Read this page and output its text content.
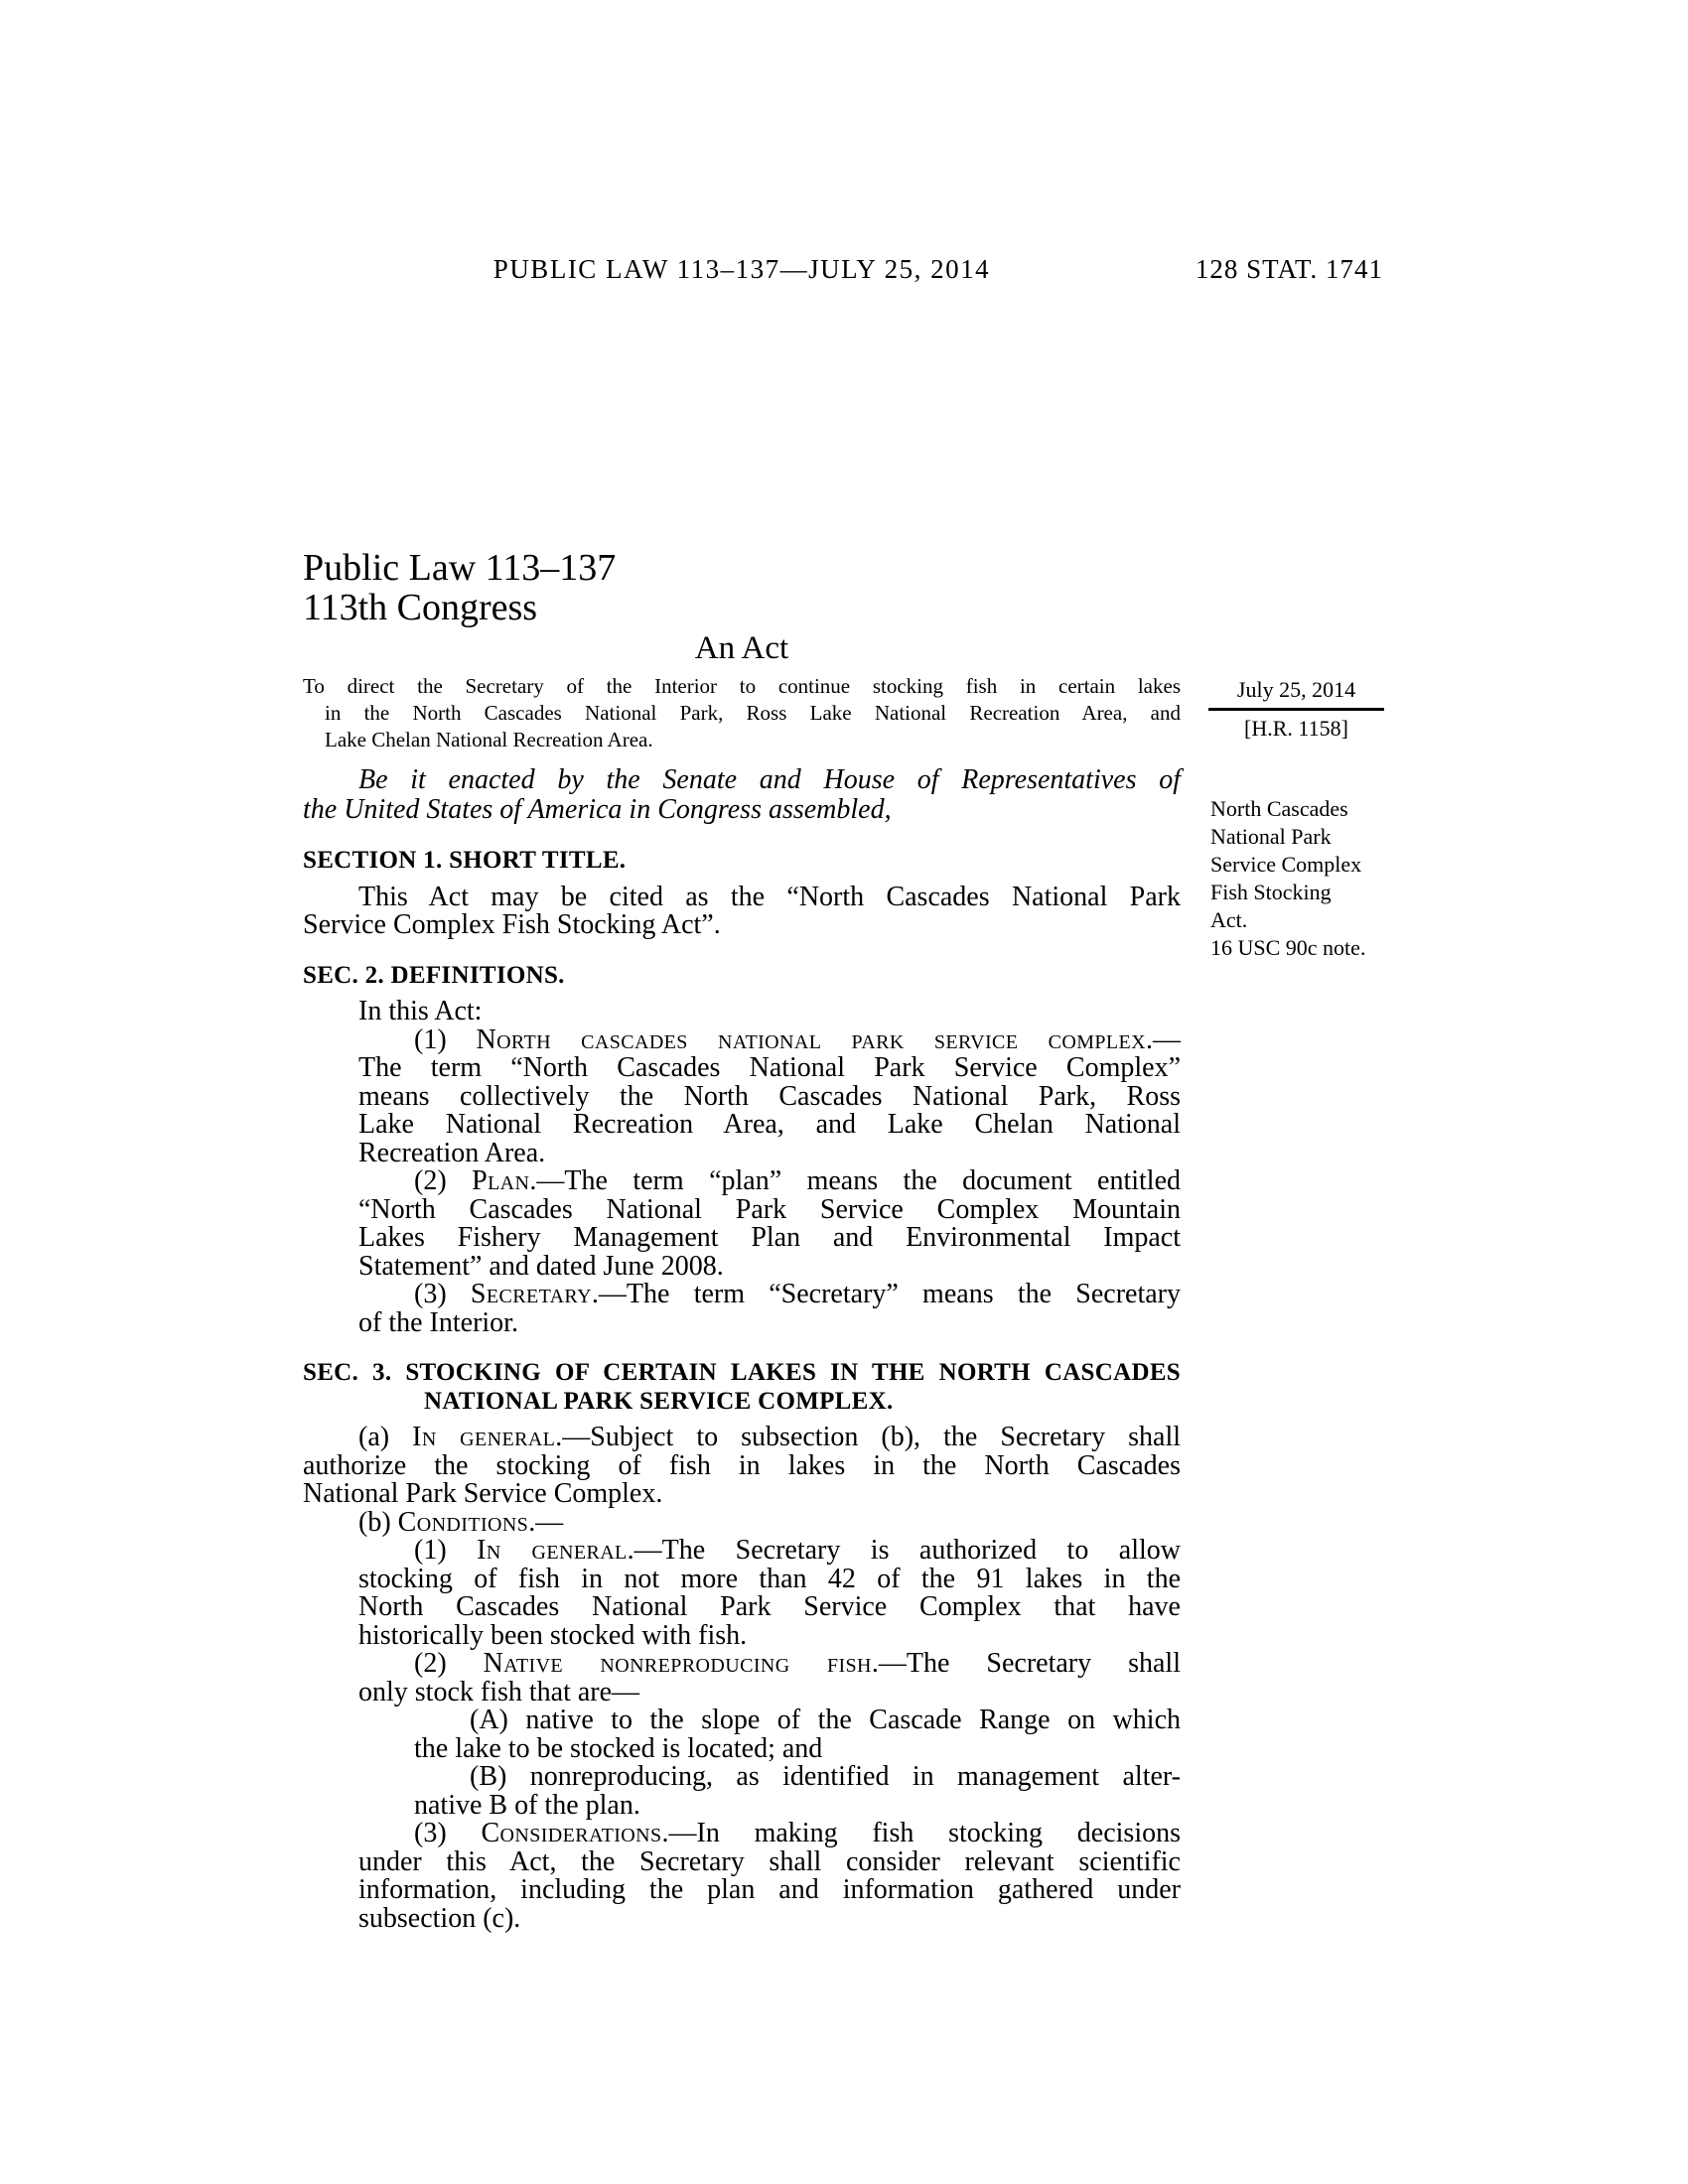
PUBLIC LAW 113–137—JULY 25, 2014	128 STAT. 1741
Public Law 113–137
113th Congress
An Act
To direct the Secretary of the Interior to continue stocking fish in certain lakes
in the North Cascades National Park, Ross Lake National Recreation Area, and
Lake Chelan National Recreation Area.
Be it enacted by the Senate and House of Representatives of
the United States of America in Congress assembled,
SECTION 1. SHORT TITLE.
This Act may be cited as the “North Cascades National Park
Service Complex Fish Stocking Act”.
SEC. 2. DEFINITIONS.
In this Act:
(1) North cascades national park service complex.—
The term “North Cascades National Park Service Complex”
means collectively the North Cascades National Park, Ross
Lake National Recreation Area, and Lake Chelan National
Recreation Area.
(2) Plan.—The term “plan” means the document entitled
“North Cascades National Park Service Complex Mountain
Lakes Fishery Management Plan and Environmental Impact
Statement” and dated June 2008.
(3) Secretary.—The term “Secretary” means the Secretary
of the Interior.
SEC. 3. STOCKING OF CERTAIN LAKES IN THE NORTH CASCADES
NATIONAL PARK SERVICE COMPLEX.
(a) In general.—Subject to subsection (b), the Secretary shall
authorize the stocking of fish in lakes in the North Cascades
National Park Service Complex.
(b) Conditions.—
(1) In general.—The Secretary is authorized to allow
stocking of fish in not more than 42 of the 91 lakes in the
North Cascades National Park Service Complex that have
historically been stocked with fish.
(2) Native nonreproducing fish.—The Secretary shall
only stock fish that are—
(A) native to the slope of the Cascade Range on which
the lake to be stocked is located; and
(B) nonreproducing, as identified in management alter-
native B of the plan.
(3) Considerations.—In making fish stocking decisions
under this Act, the Secretary shall consider relevant scientific
information, including the plan and information gathered under
subsection (c).
July 25, 2014
[H.R. 1158]
North Cascades
National Park
Service Complex
Fish Stocking
Act.
16 USC 90c note.
